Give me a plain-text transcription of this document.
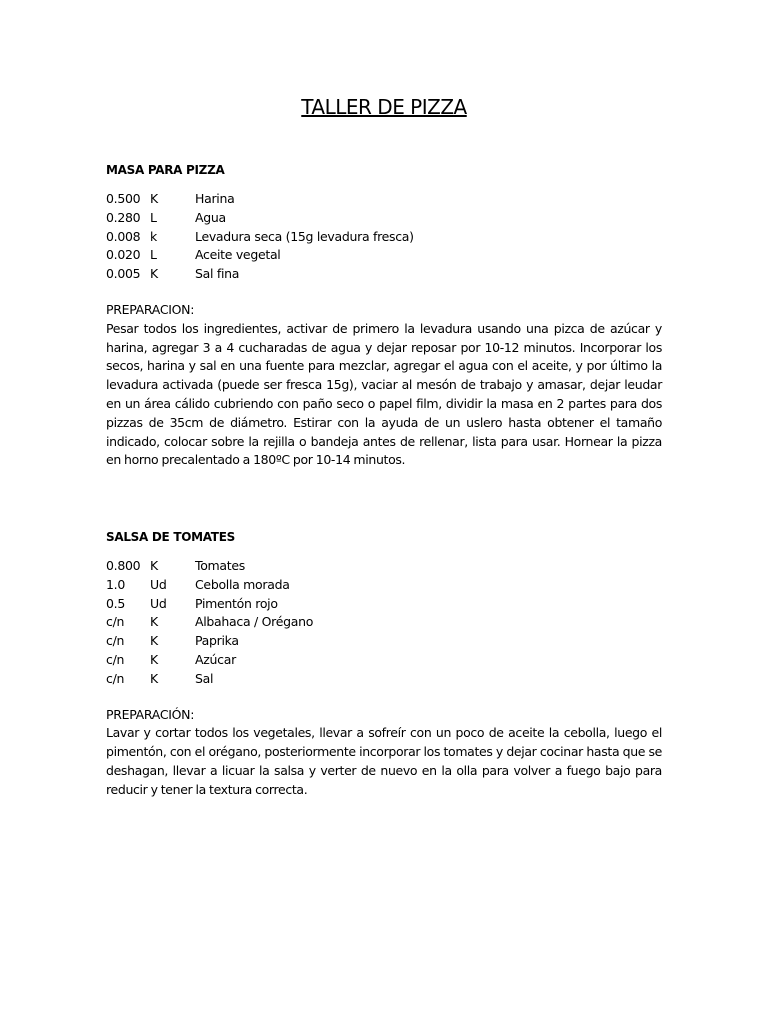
TALLER DE PIZZA
MASA PARA PIZZA
0.500 K	Harina
0.280 L	Agua
0.008 k	Levadura seca (15g levadura fresca)
0.020 L	Aceite vegetal
0.005 K	Sal fina
PREPARACION:
Pesar todos los ingredientes, activar de primero la levadura usando una pizca de azúcar y harina, agregar 3 a 4 cucharadas de agua y dejar reposar por 10-12 minutos. Incorporar los secos, harina y sal en una fuente para mezclar, agregar el agua con el aceite, y por último la levadura activada (puede ser fresca 15g), vaciar al mesón de trabajo y amasar, dejar leudar en un área cálido cubriendo con paño seco o papel film, dividir la masa en 2 partes para dos pizzas de 35cm de diámetro. Estirar con la ayuda de un uslero hasta obtener el tamaño indicado, colocar sobre la rejilla o bandeja antes de rellenar, lista para usar. Hornear la pizza en horno precalentado a 180ºC por 10-14 minutos.
SALSA DE TOMATES
0.800 K	Tomates
1.0 Ud Cebolla morada
0.5 Ud Pimentón rojo
c/n K	Albahaca / Orégano
c/n K	Paprika
c/n K	Azúcar
c/n K	Sal
PREPARACIÓN:
Lavar y cortar todos los vegetales, llevar a sofreír con un poco de aceite la cebolla, luego el pimentón, con el orégano, posteriormente incorporar los tomates y dejar cocinar hasta que se deshagan, llevar a licuar la salsa y verter de nuevo en la olla para volver a fuego bajo para reducir y tener la textura correcta.
